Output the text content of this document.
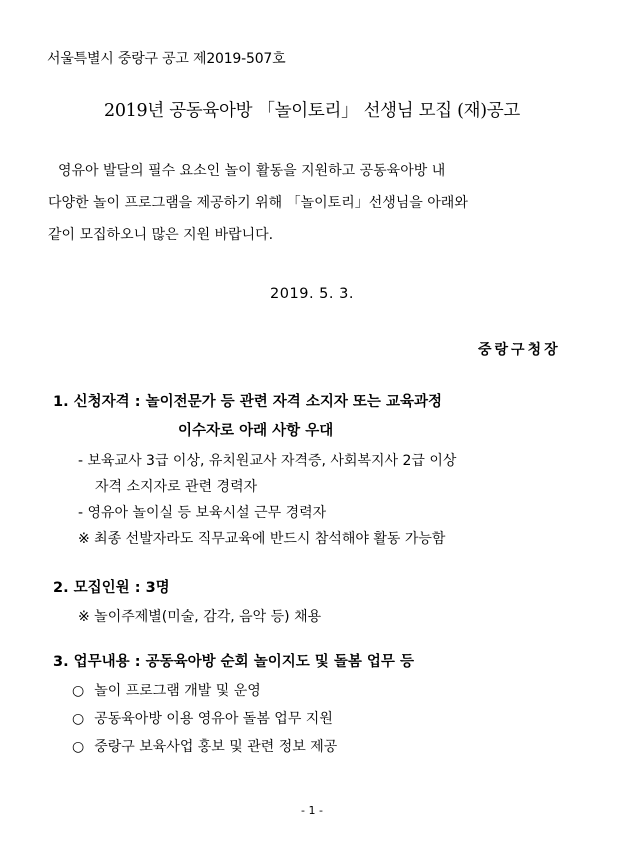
서울특별시 중랑구 공고 제2019-507호
2019년 공동육아방 「놀이토리」 선생님 모집 (재)공고
영유아 발달의 필수 요소인 놀이 활동을 지원하고 공동육아방 내
다양한 놀이 프로그램을 제공하기 위해 「놀이토리」선생님을 아래와
같이 모집하오니 많은 지원 바랍니다.
2019. 5. 3.
중랑구청장
1. 신청자격 : 놀이전문가 등 관련 자격 소지자 또는 교육과정
이수자로 아래 사항 우대
- 보육교사 3급 이상, 유치원교사 자격증, 사회복지사 2급 이상
자격 소지자로 관련 경력자
- 영유아 놀이실 등 보육시설 근무 경력자
※ 최종 선발자라도 직무교육에 반드시 참석해야 활동 가능함
2. 모집인원 : 3명
※ 놀이주제별(미술, 감각, 음악 등) 채용
3. 업무내용 : 공동육아방 순회 놀이지도 및 돌봄 업무 등
○ 놀이 프로그램 개발 및 운영
○ 공동육아방 이용 영유아 돌봄 업무 지원
○ 중랑구 보육사업 홍보 및 관련 정보 제공
- 1 -
